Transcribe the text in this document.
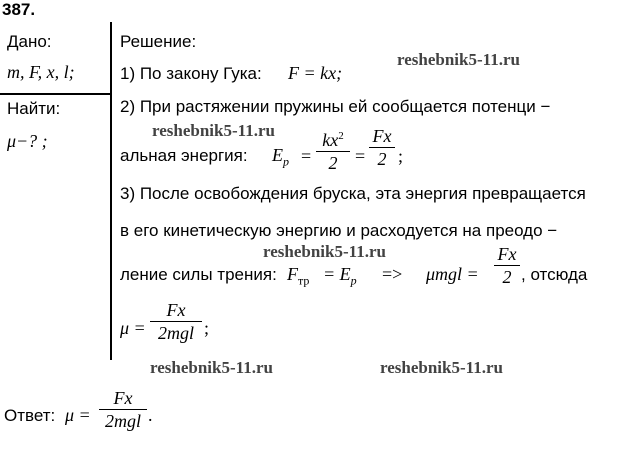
387.
Дано:
m, F, x, l;
Найти:
μ−? ;
Решение:
1) По закону Гука: F = kx;
2) При растяжении пружины ей сообщается потенци −
альная энергия: $E_p$ =
$kx^2$
2 =
Fx
2 ;
3) После освобождения бруска, эта энергия превращается
в его кинетическую энергию и расходуется на преодо −
ление силы трения: $F_{тр} = E_p => \mu mgl$ =
Fx
2 , отсюда
μ =
Fx
2mgl ;
Ответ: μ =
Fx
2mgl .
reshebnik5-11.ru
reshebnik5-11.ru
reshebnik5-11.ru
reshebnik5-11.ru	reshebnik5-11.ru
